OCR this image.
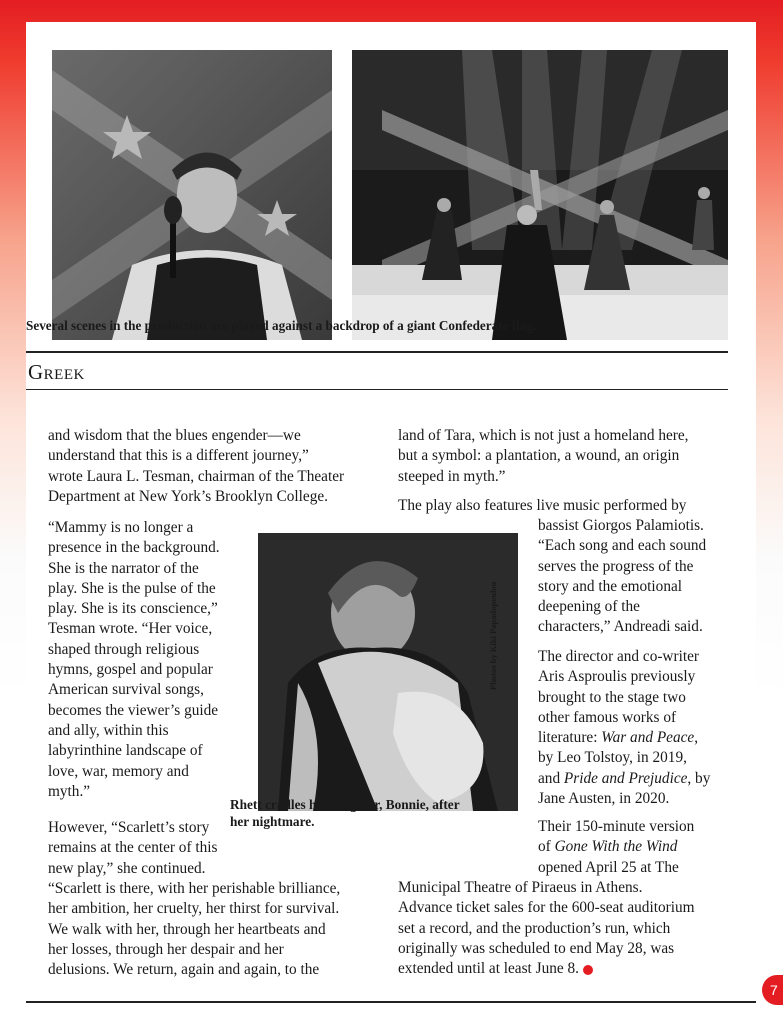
Several scenes in the production are played against a backdrop of a giant Confederate flag.
Greek
and wisdom that the blues engender—we
understand that this is a different journey,”
wrote Laura L. Tesman, chairman of the Theater
Department at New York’s Brooklyn College.
“Mammy is no longer a
presence in the background.
She is the narrator of the
play. She is the pulse of the
play. She is its conscience,”
Tesman wrote. “Her voice,
shaped through religious
hymns, gospel and popular
American survival songs,
becomes the viewer’s guide
and ally, within this
labyrinthine landscape of
love, war, memory and
myth.”
However, “Scarlett’s story
remains at the center of this
new play,” she continued.
“Scarlett is there, with her perishable brilliance,
her ambition, her cruelty, her thirst for survival.
We walk with her, through her heartbeats and
her losses, through her despair and her
delusions. We return, again and again, to the
Photos by Kiki Papadopoulou
Rhett cradles his daughter, Bonnie, after
her nightmare.
land of Tara, which is not just a homeland here,
but a symbol: a plantation, a wound, an origin
steeped in myth.”
The play also features live music performed by
bassist Giorgos Palamiotis.
“Each song and each sound
serves the progress of the
story and the emotional
deepening of the
characters,” Andreadi said.
The director and co-writer
Aris Asproulis previously
brought to the stage two
other famous works of
literature: War and Peace,
by Leo Tolstoy, in 2019,
and Pride and Prejudice, by
Jane Austen, in 2020.
Their 150-minute version
of Gone With the Wind
opened April 25 at The
Municipal Theatre of Piraeus in Athens.
Advance ticket sales for the 600-seat auditorium
set a record, and the production’s run, which
originally was scheduled to end May 28, was
extended until at least June 8.
7
